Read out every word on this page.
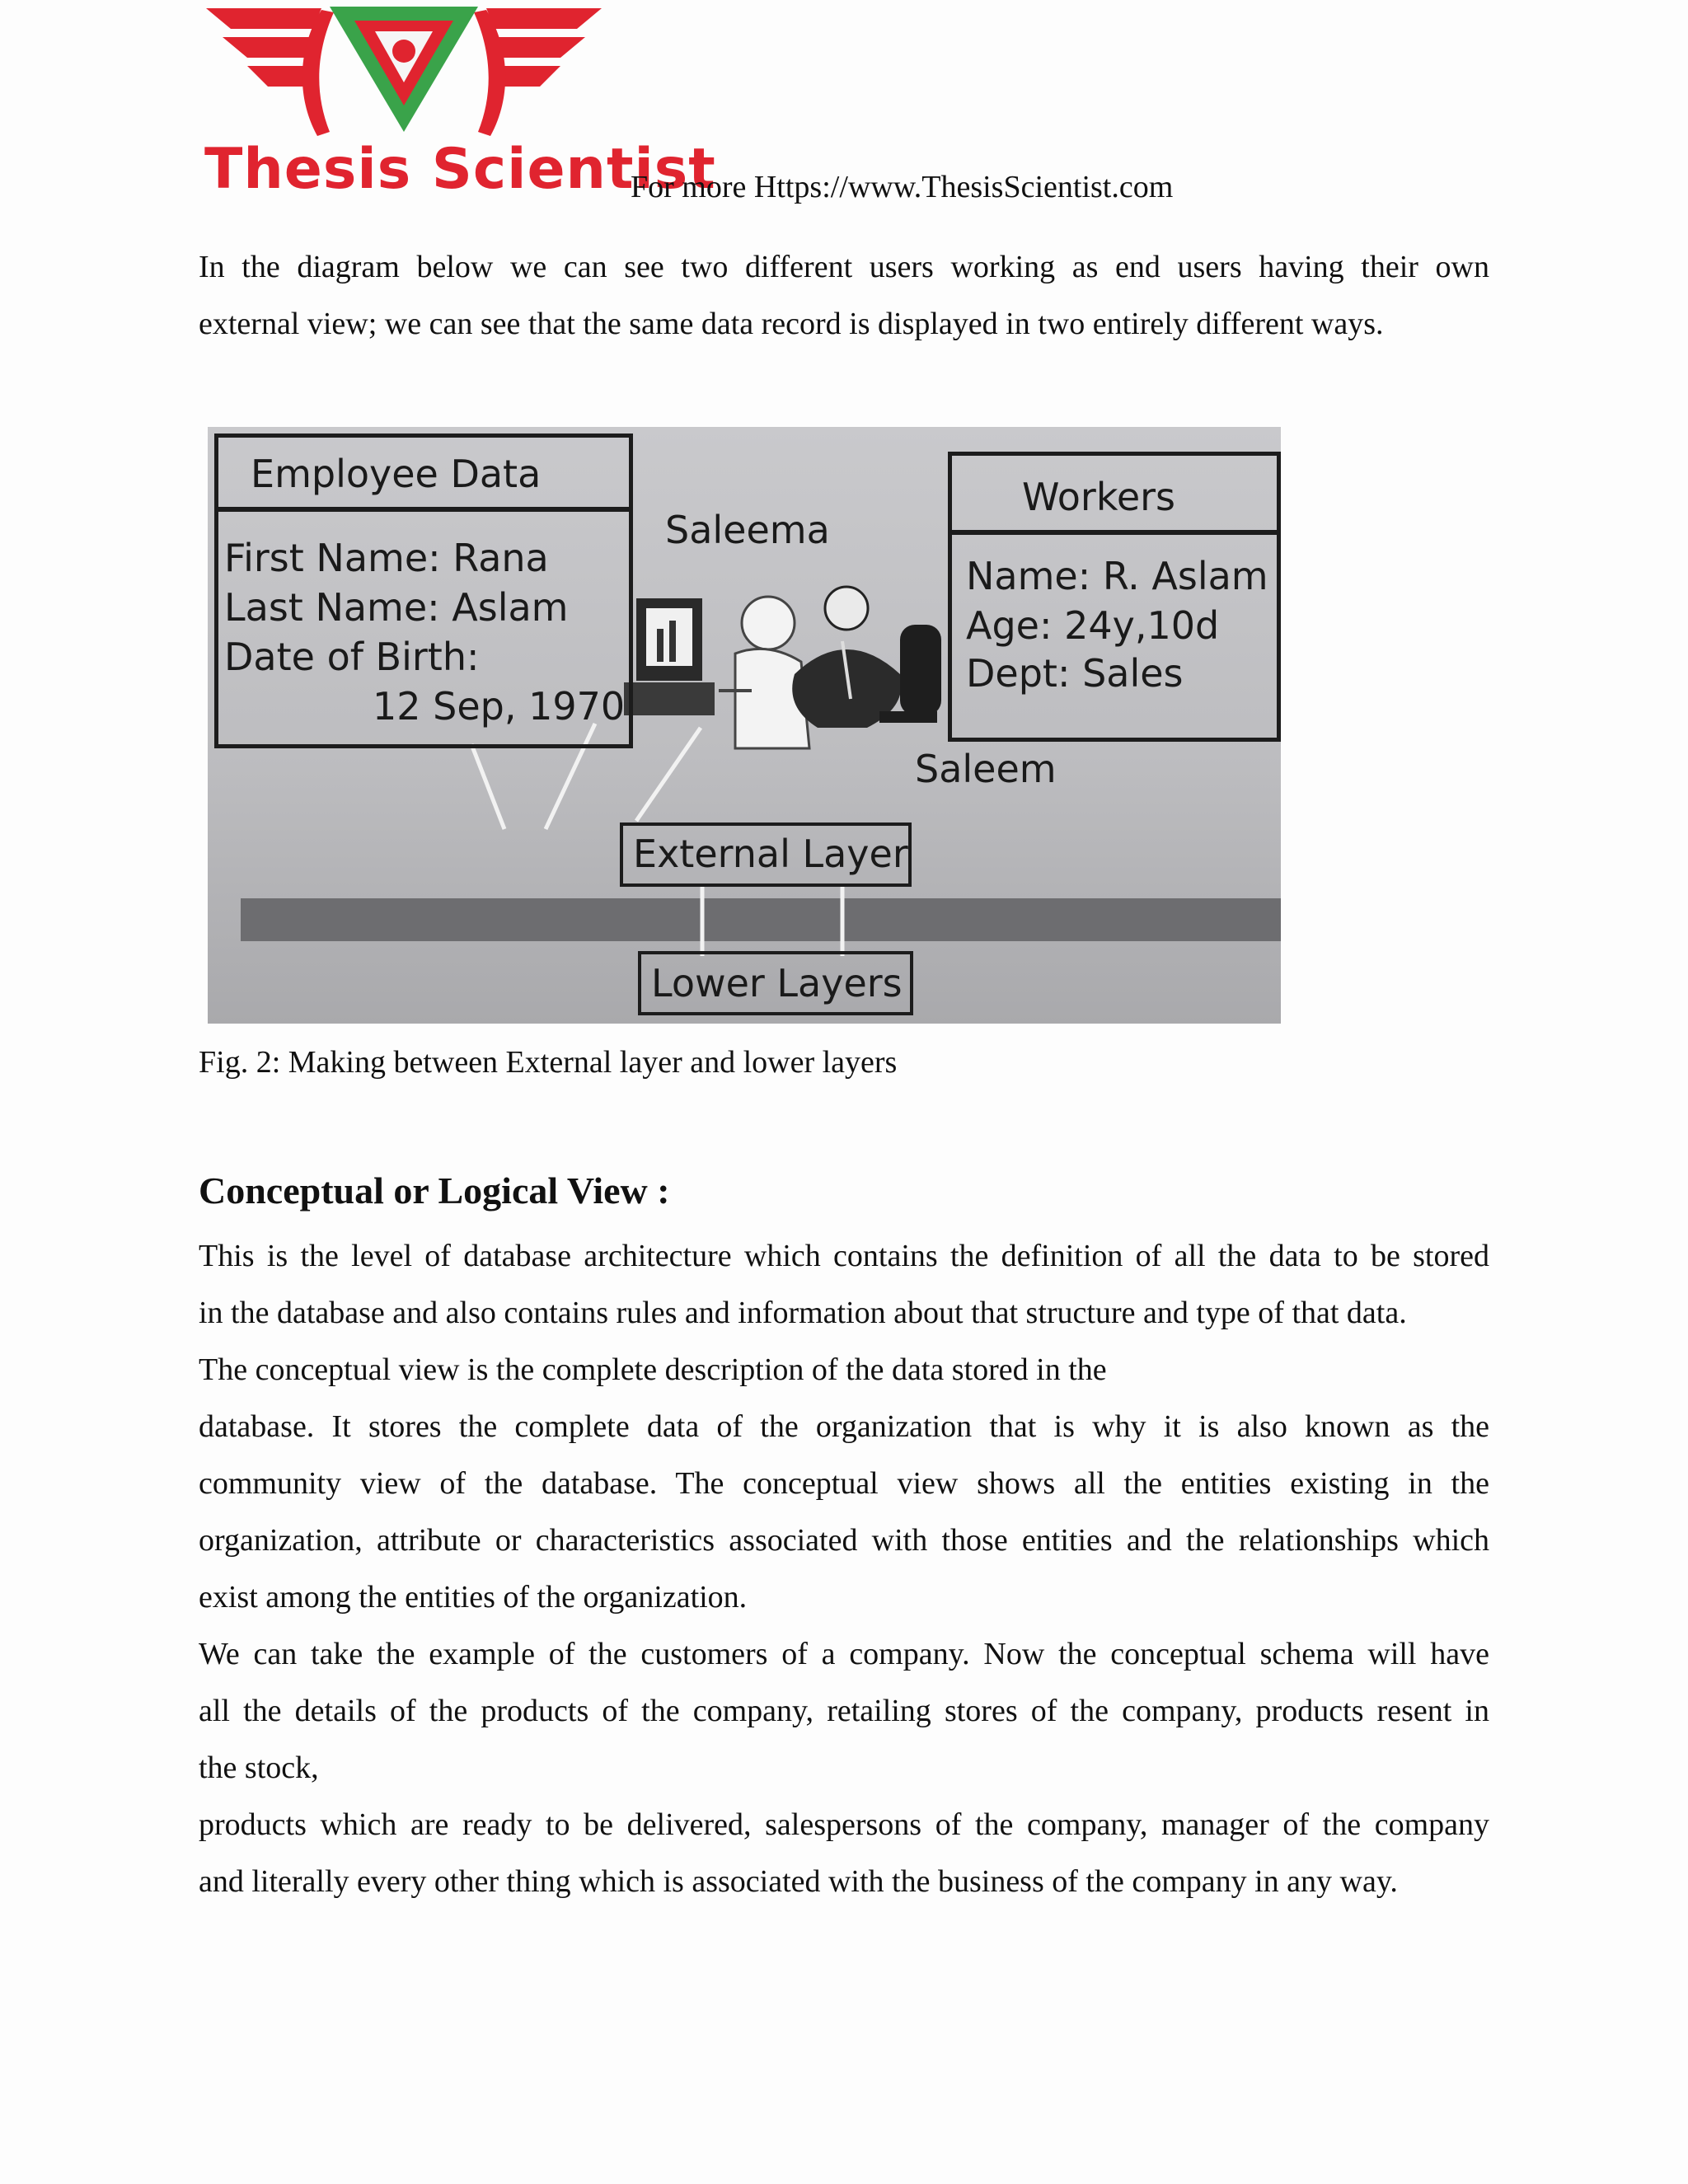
Thesis Scientist
For more Https://www.ThesisScientist.com
In the diagram below we can see two different users working as end users having their own
external view; we can see that the same data record is displayed in two entirely different ways.
Employee Data
First Name: Rana
Last Name: Aslam
Date of Birth:
12 Sep, 1970
Workers
Name: R. Aslam
Age: 24y,10d
Dept: Sales
Saleema
Saleem
External Layer
Lower Layers
Fig. 2: Making between External layer and lower layers
Conceptual or Logical View :
This is the level of database architecture which contains the definition of all the data to be stored
in the database and also contains rules and information about that structure and type of that data.
The conceptual view is the complete description of the data stored in the
database. It stores the complete data of the organization that is why it is also known as the
community view of the database. The conceptual view shows all the entities existing in the
organization, attribute or characteristics associated with those entities and the relationships which
exist among the entities of the organization.
We can take the example of the customers of a company. Now the conceptual schema will have
all the details of the products of the company, retailing stores of the company, products resent in
the stock,
products which are ready to be delivered, salespersons of the company, manager of the company
and literally every other thing which is associated with the business of the company in any way.
